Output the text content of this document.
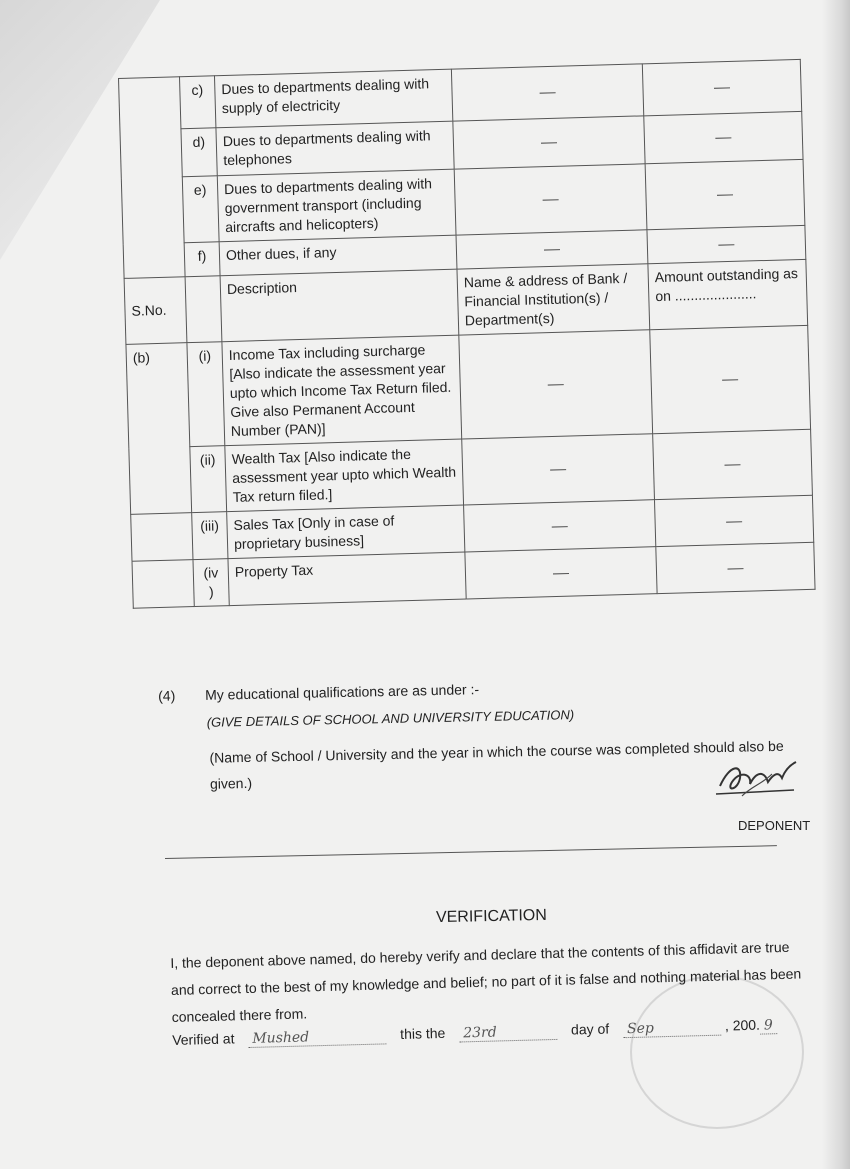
	c)	Dues to departments dealing with supply of electricity	—	—
	d)	Dues to departments dealing with telephones	—	—
	e)	Dues to departments dealing with government transport (including aircrafts and helicopters)	—	—
	f)	Other dues, if any	—	—
S.No.		Description	Name & address of Bank / Financial Institution(s) / Department(s)	Amount outstanding as on .....................
(b)	(i)	Income Tax including surcharge [Also indicate the assessment year upto which Income Tax Return filed. Give also Permanent Account Number (PAN)]	—	—
	(ii)	Wealth Tax [Also indicate the assessment year upto which Wealth Tax return filed.]	—	—
	(iii)	Sales Tax [Only in case of proprietary business]	—	—
	(iv )	Property Tax	—	—
(4) My educational qualifications are as under :-
(GIVE DETAILS OF SCHOOL AND UNIVERSITY EDUCATION)
(Name of School / University and the year in which the course was completed should also be given.)
DEPONENT
VERIFICATION
I, the deponent above named, do hereby verify and declare that the contents of this affidavit are true and correct to the best of my knowledge and belief; no part of it is false and nothing material has been concealed there from.
Verified at Mushed	this the 23rd	day of Sep	, 200. 9
